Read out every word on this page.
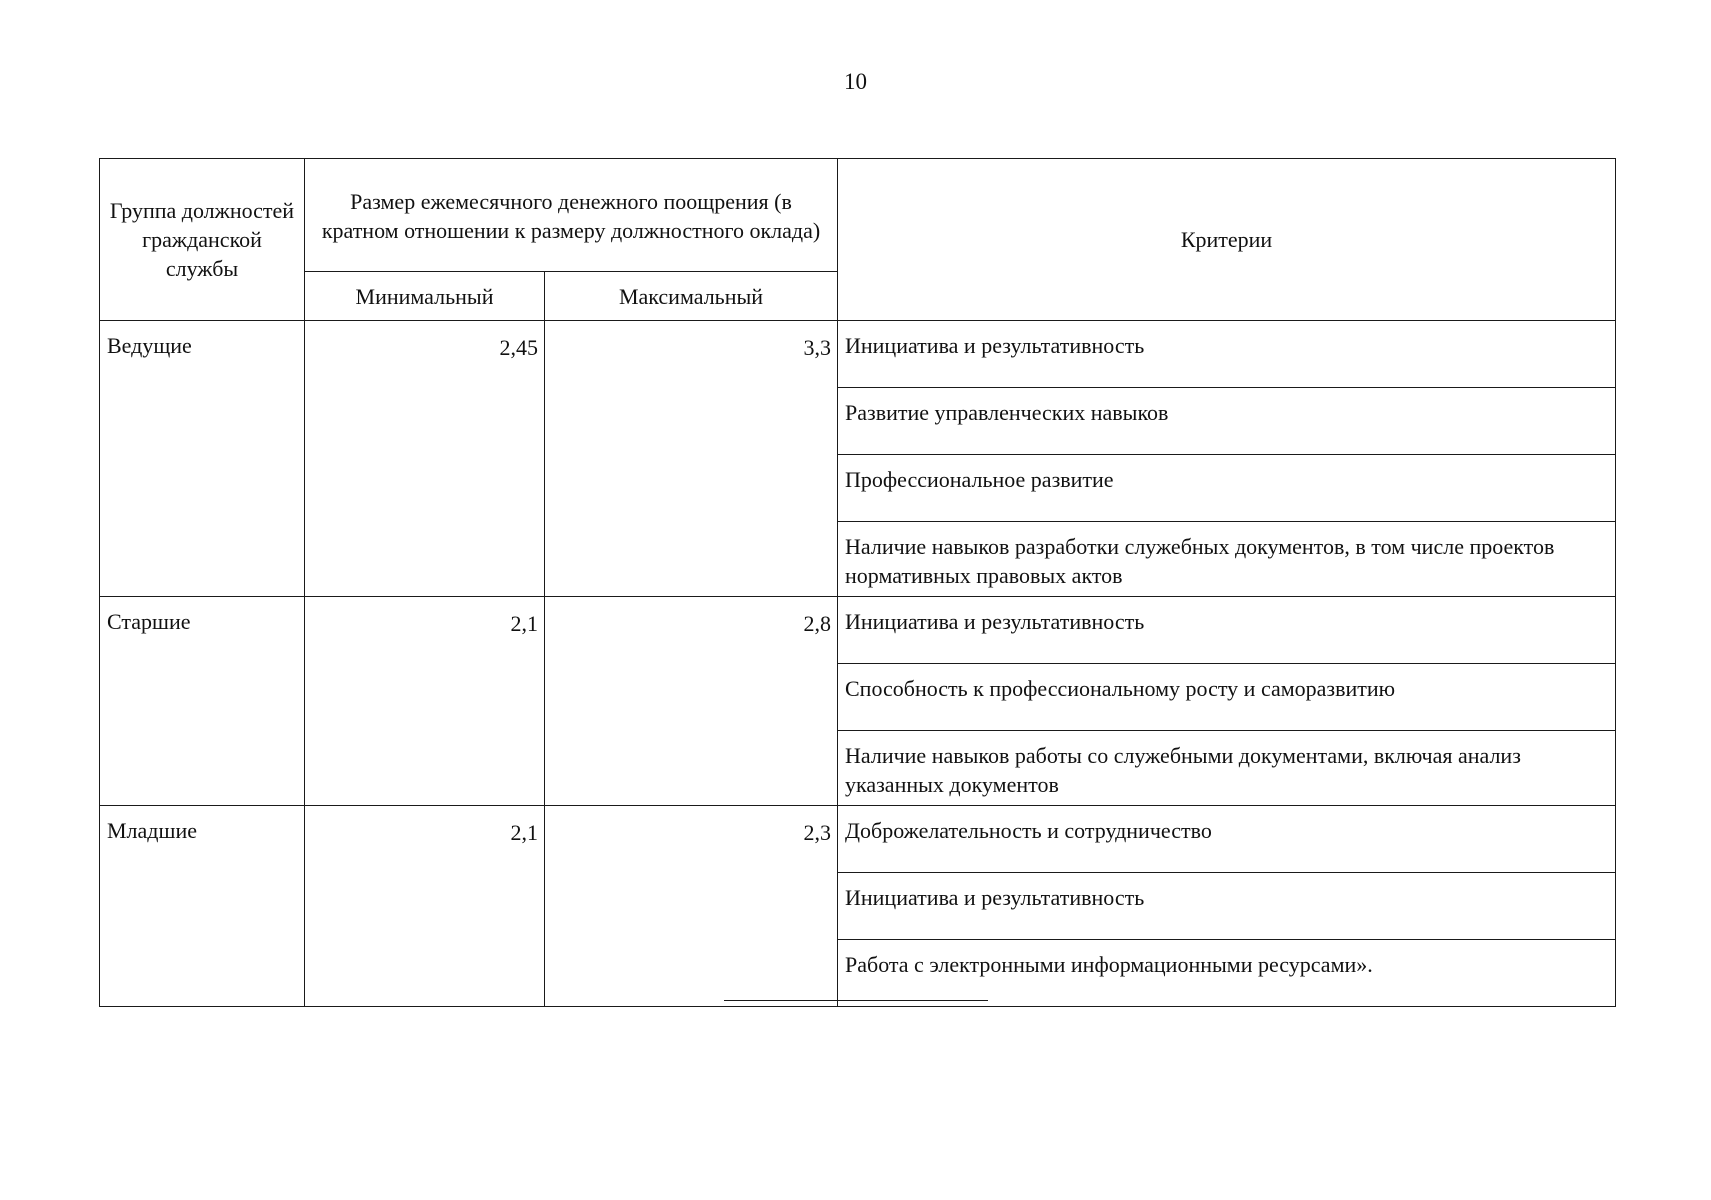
10
Группа должностей гражданской службы	Размер ежемесячного денежного поощрения (в кратном отношении к размеру должностного оклада)		Критерии
	Минимальный	Максимальный	
Ведущие	2,45	3,3	Инициатива и результативность
			Развитие управленческих навыков
			Профессиональное развитие
			Наличие навыков разработки служебных документов, в том числе проектов нормативных правовых актов
Старшие	2,1	2,8	Инициатива и результативность
			Способность к профессиональному росту и саморазвитию
			Наличие навыков работы со служебными документами, включая анализ указанных документов
Младшие	2,1	2,3	Доброжелательность и сотрудничество
			Инициатива и результативность
			Работа с электронными информационными ресурсами».
